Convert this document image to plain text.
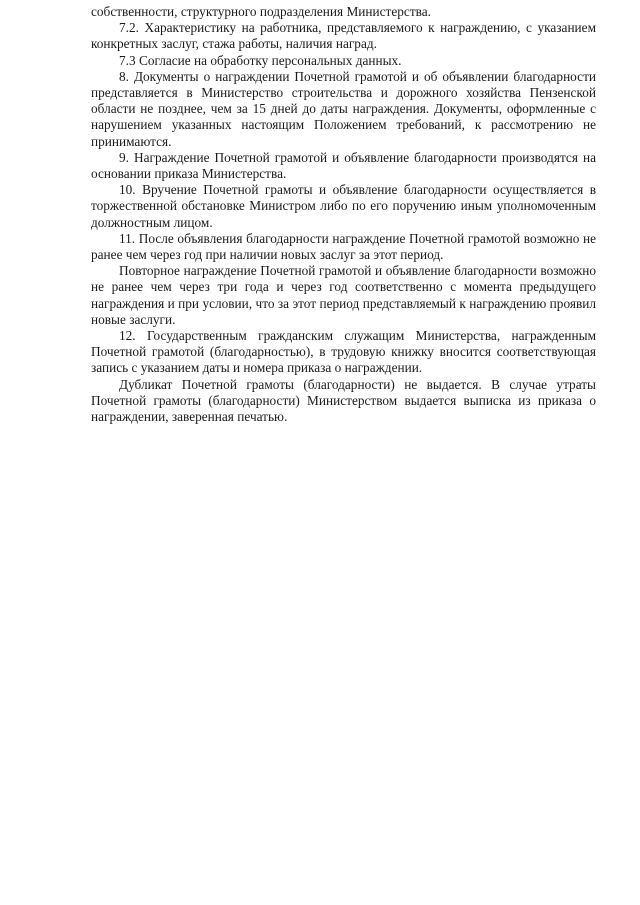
собственности, структурного подразделения Министерства.

7.2. Характеристику на работника, представляемого к награждению, с указанием конкретных заслуг, стажа работы, наличия наград.

7.3 Согласие на обработку персональных данных.

8. Документы о награждении Почетной грамотой и об объявлении благодарности представляется в Министерство строительства и дорожного хозяйства Пензенской области не позднее, чем за 15 дней до даты награждения. Документы, оформленные с нарушением указанных настоящим Положением требований, к рассмотрению не принимаются.

9. Награждение Почетной грамотой и объявление благодарности производятся на основании приказа Министерства.

10. Вручение Почетной грамоты и объявление благодарности осуществляется в торжественной обстановке Министром либо по его поручению иным уполномоченным должностным лицом.

11. После объявления благодарности награждение Почетной грамотой возможно не ранее чем через год при наличии новых заслуг за этот период.

Повторное награждение Почетной грамотой и объявление благодарности возможно не ранее чем через три года и через год соответственно с момента предыдущего награждения и при условии, что за этот период представляемый к награждению проявил новые заслуги.

12. Государственным гражданским служащим Министерства, награжденным Почетной грамотой (благодарностью), в трудовую книжку вносится соответствующая запись с указанием даты и номера приказа о награждении.

Дубликат Почетной грамоты (благодарности) не выдается. В случае утраты Почетной грамоты (благодарности) Министерством выдается выписка из приказа о награждении, заверенная печатью.
